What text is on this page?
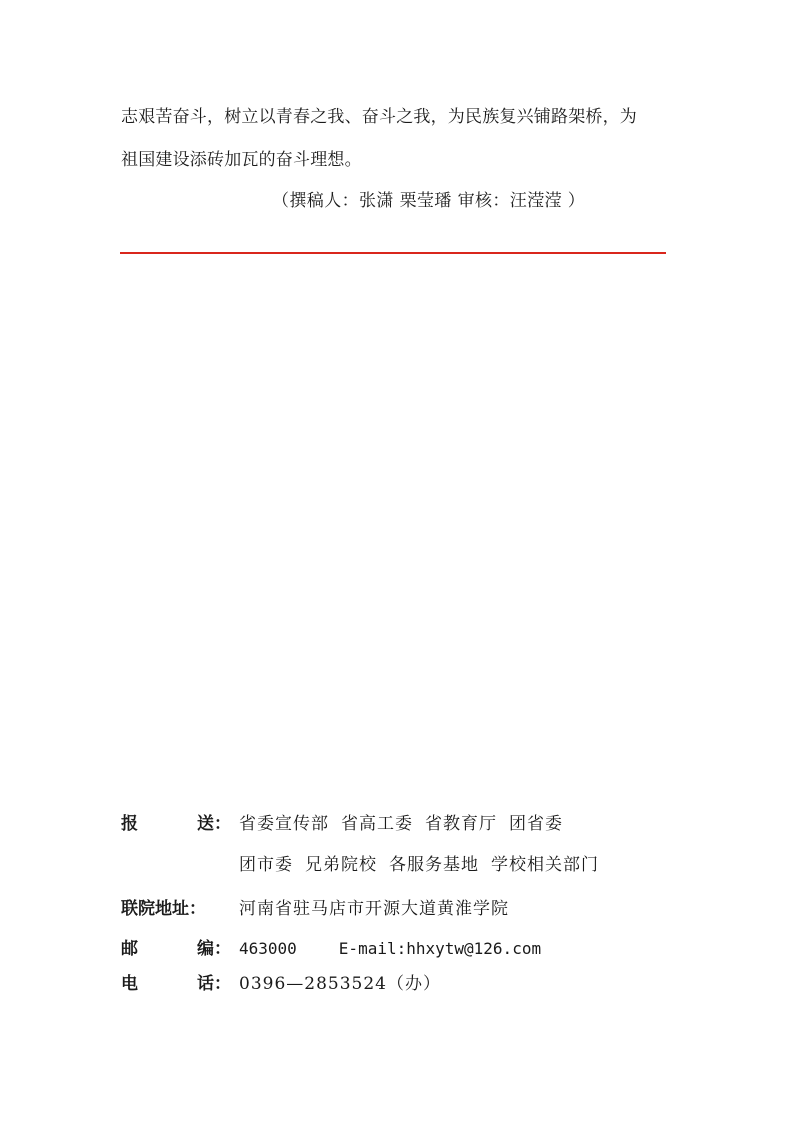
志艰苦奋斗，树立以青春之我、奋斗之我，为民族复兴铺路架桥，为
祖国建设添砖加瓦的奋斗理想。
（撰稿人：张潇 栗莹璠 审核：汪滢滢 ）
报	送： 省委宣传部 省高工委 省教育厅 团省委
团市委 兄弟院校 各服务基地 学校相关部门
联院地址：	河南省驻马店市开源大道黄淮学院
邮	编： 463000	E-mail:hhxytw@126.com
电	话： 0396—2853524（办）
